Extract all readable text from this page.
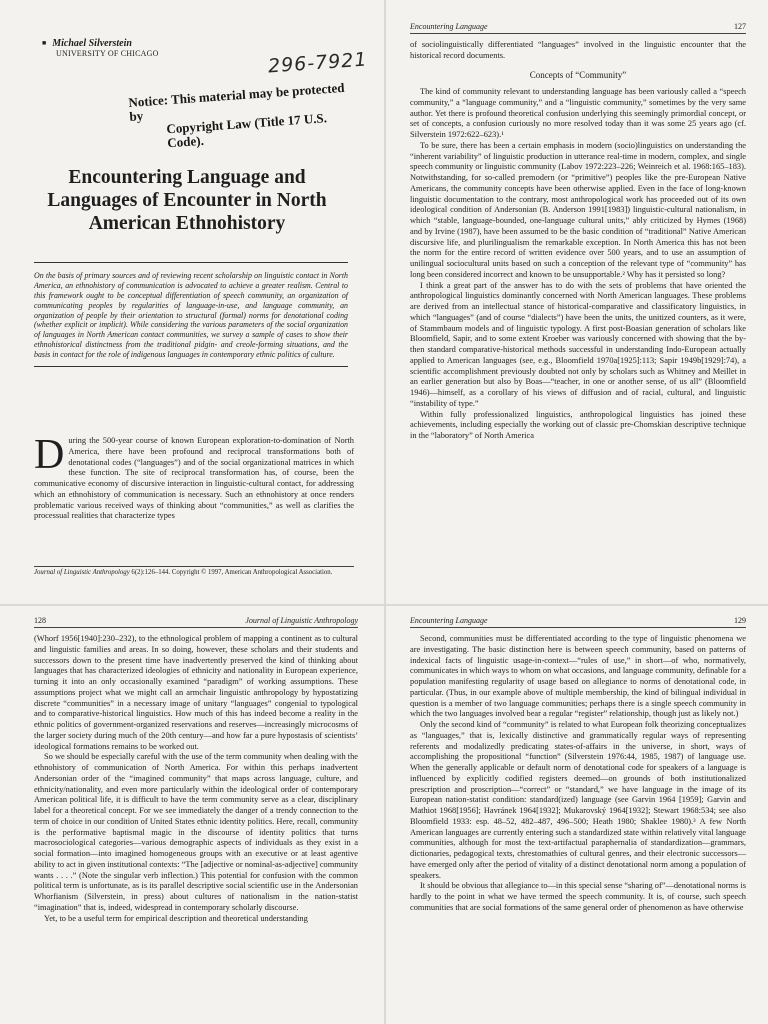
■ Michael Silverstein
UNIVERSITY OF CHICAGO	296-7921
Notice: This material may be protected by	Copyright Law (Title 17 U.S. Code).
Encountering Language and Languages of Encounter in North American Ethnohistory
On the basis of primary sources and of reviewing recent scholarship on linguistic contact in North America, an ethnohistory of communication is advocated to achieve a greater realism. Central to this framework ought to be conceptual differentiation of speech community, an organization of communicating peoples by regularities of language-in-use, and language community, an organization of people by their orientation to structural (formal) norms for denotational coding (whether explicit or implicit). While considering the various parameters of the social organization of languages in North American contact communities, we survey a sample of cases to show their ethnohistorical distinctness from the traditional pidgin- and creole-forming situations, and the basis in contact for the role of indigenous languages in contemporary ethnic politics of culture.
D uring the 500-year course of known European exploration-to-domination of North America, there have been profound and reciprocal transformations both of denotational codes (“languages”) and of the social organizational matrices in which these function. The site of reciprocal transformation has, of course, been the communicative economy of discursive interaction in linguistic-cultural contact, for addressing which an ethnohistory of communication is necessary. Such an ethnohistory at once renders problematic various received ways of thinking about “communities,” as well as clarifies the processual realities that characterize types
Journal of Linguistic Anthropology 6(2):126–144. Copyright © 1997, American Anthropological Association.
Encountering Language	127

of sociolinguistically differentiated “languages” involved in the linguistic encounter that the historical record documents.

Concepts of “Community”

The kind of community relevant to understanding language has been variously called a “speech community,” a “language community,” and a “linguistic community,” sometimes by the very same author. Yet there is profound theoretical confusion underlying this seemingly primordial concept, or set of concepts, a confusion curiously no more resolved today than it was some 25 years ago (cf. Silverstein 1972:622–623).¹

To be sure, there has been a certain emphasis in modern (socio)linguistics on understanding the “inherent variability” of linguistic production in utterance real-time in modern, complex, and single speech community or linguistic community (Labov 1972:223–226; Weinreich et al. 1968:165–183). Notwithstanding, for so-called premodern (or “primitive”) peoples like the pre-European Native Americans, the community concepts have been otherwise applied. Even in the face of long-known linguistic documentation to the contrary, most anthropological work has proceeded out of its own ideological condition of Andersonian (B. Anderson 1991[1983]) linguistic-cultural nationalism, in which “stable, language-bounded, one-language cultural units,” ably criticized by Hymes (1968) and by Irvine (1987), have been assumed to be the basic condition of “traditional” Native American discursive life, and plurilingualism the remarkable exception. In North America this has not been the norm for the entire record of written evidence over 500 years, and to use an assumption of unilingual sociocultural units based on such a conception of the relevant type of “community” has long been considered incorrect and known to be unsupportable.² Why has it persisted so long?

I think a great part of the answer has to do with the sets of problems that have oriented the anthropological linguistics dominantly concerned with North American languages. These problems are derived from an intellectual stance of historical-comparative and classificatory linguistics, in which “languages” (and of course “dialects”) have been the units, the unitized counters, as it were, of Stammbaum models and of linguistic typology. A first post-Boasian generation of scholars like Bloomfield, Sapir, and to some extent Kroeber was variously concerned with showing that the by-then standard comparative-historical methods successful in understanding Indo-European actually applied to American languages (see, e.g., Bloomfield 1970a[1925]:113; Sapir 1949b[1929]:74), a scientific accomplishment previously doubted not only by scholars such as Whitney and Meillet in an earlier generation but also by Boas—“teacher, in one or another sense, of us all” (Bloomfield 1946)—himself, as a corollary of his views of diffusion and of racial, cultural, and linguistic “instability of type.”

Within fully professionalized linguistics, anthropological linguistics has joined these achievements, including especially the working out of classic pre-Chomskian descriptive technique in the “laboratory” of North America

128	Journal of Linguistic Anthropology

(Whorf 1956[1940]:230–232), to the ethnological problem of mapping a continent as to cultural and linguistic families and areas. In so doing, however, these scholars and their students and successors down to the present time have inadvertently preserved the kind of thinking about languages that has characterized ideologies of ethnicity and nationality in European experience, turning it into an only occasionally examined “paradigm” of working assumptions. These assumptions project what we might call an armchair linguistic anthropology by hypostatizing discrete “communities” in a necessary image of unitary “languages” congenial to typological and to comparative-historical linguistics. How much of this has indeed become a reality in the ethnic politics of government-organized reservations and reserves—increasingly microcosms of the larger society during much of the 20th century—and how far a pure hypostasis of scientists’ ideological formations remains to be worked out.

So we should be especially careful with the use of the term community when dealing with the ethnohistory of communication of North America. For within this perhaps inadvertent Andersonian order of the “imagined community” that maps across language, culture, and ethnicity/nationality, and even more particularly within the ideological order of contemporary American political life, it is difficult to have the term community serve as a clear, disciplinary label for a theoretical concept. For we see immediately the danger of a trendy connection to the term of choice in our condition of United States ethnic identity politics. Here, recall, community is the performative baptismal magic in the discourse of identity politics that turns macrosociological categories—various demographic aspects of individuals as they exist in a social formation—into imagined homogeneous groups with an executive or at least agentive ability to act in given institutional contexts: “The [adjective or nominal-as-adjective] community wants . . . .” (Note the singular verb inflection.) This potential for confusion with the common political term is unfortunate, as is its parallel descriptive social scientific use in the Andersonian Whorfianism (Silverstein, in press) about cultures of nationalism in the nation-statist “imagination” that is, indeed, widespread in contemporary scholarly discourse.

Yet, to be a useful term for empirical description and theoretical understanding

Encountering Language	129

Second, communities must be differentiated according to the type of linguistic phenomena we are investigating. The basic distinction here is between speech community, based on patterns of indexical facts of linguistic usage-in-context—“rules of use,” in short—of who, normatively, communicates in which ways to whom on what occasions, and language community, definable for a population manifesting regularity of usage based on allegiance to norms of denotational code, in particular. (Thus, in our example above of multiple membership, the kind of bilingual individual in question is a member of two language communities; perhaps there is a single speech community in which the two languages involved bear a regular “register” relationship, though just as likely not.)

Only the second kind of “community” is related to what European folk theorizing conceptualizes as “languages,” that is, lexically distinctive and grammatically regular ways of representing referents and modalizedly predicating states-of-affairs in the universe, in short, ways of accomplishing the propositional “function” (Silverstein 1976:44, 1985, 1987) of language use. When the generally applicable or default norm of denotational code for speakers of a language is influenced by explicitly codified registers deemed—on grounds of both institutionalized prescription and proscription—“correct” or “standard,” we have language in the image of its European nation-statist condition: standard(ized) language (see Garvin 1964 [1959]; Garvin and Mathiot 1968[1956]; Havránek 1964[1932]; Mukarovský 1964[1932]; Stewart 1968:534; see also Bloomfield 1933: esp. 48–52, 482–487, 496–500; Heath 1980; Shaklee 1980).³ A few North American languages are currently entering such a standardized state within relatively vital language communities, although for most the text-artifactual paraphernalia of standardization—grammars, dictionaries, pedagogical texts, chrestomathies of cultural genres, and their electronic successors—have emerged only after the period of vitality of a distinct denotational norm among a population of speakers.

It should be obvious that allegiance to—in this special sense “sharing of”—denotational norms is hardly to the point in what we have termed the speech community. It is, of course, such speech communities that are social formations of the same general order of phenomenon as have otherwise
